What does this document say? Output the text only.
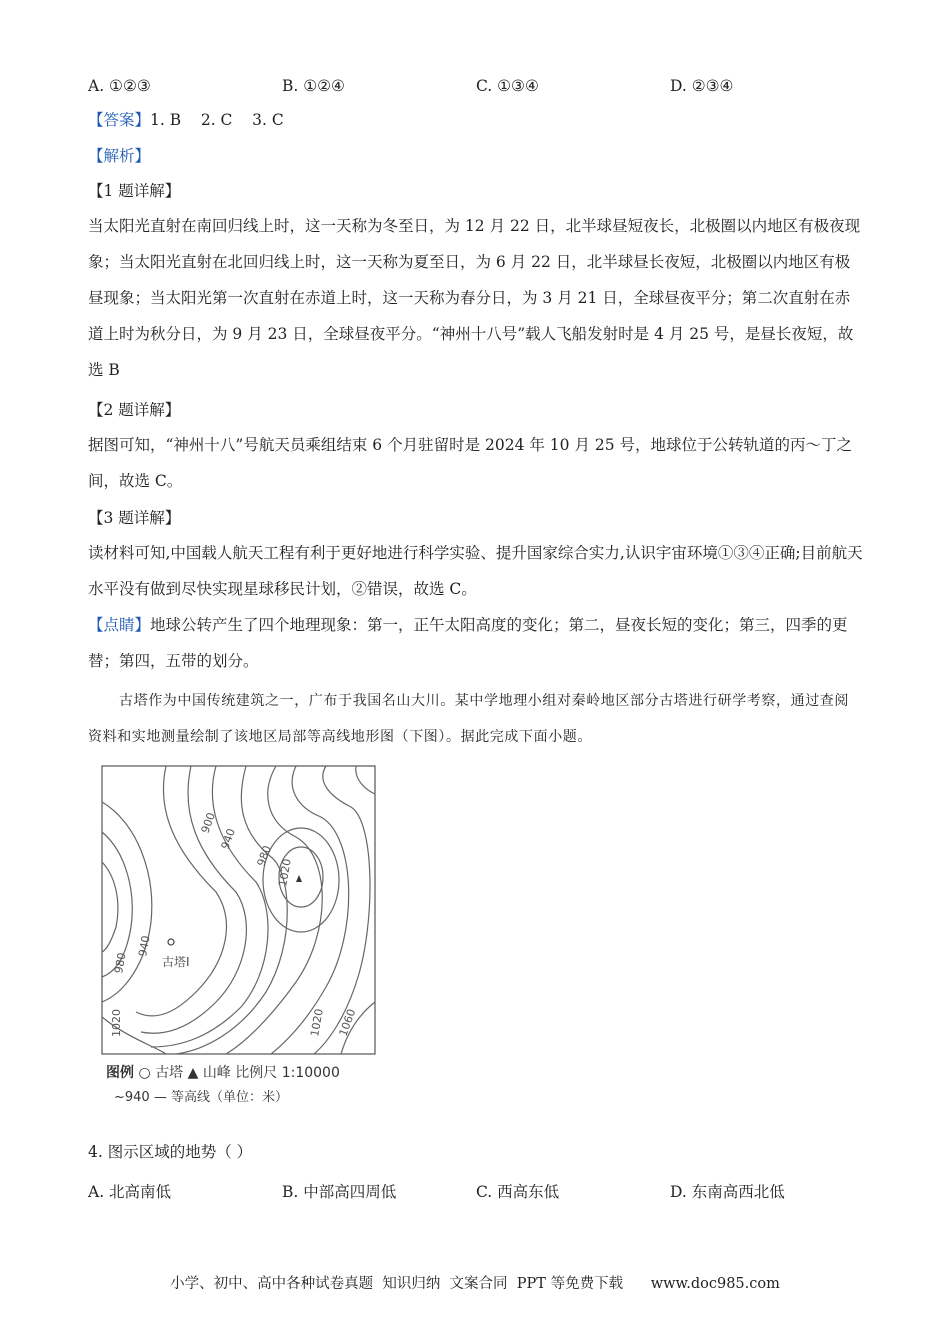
A. ①②③	B. ①②④	C. ①③④	D. ②③④
【答案】1. B    2. C    3. C
【解析】
【1 题详解】
当太阳光直射在南回归线上时，这一天称为冬至日，为 12 月 22 日，北半球昼短夜长，北极圈以内地区有极夜现象；当太阳光直射在北回归线上时，这一天称为夏至日，为 6 月 22 日，北半球昼长夜短，北极圈以内地区有极昼现象；当太阳光第一次直射在赤道上时，这一天称为春分日，为 3 月 21 日，全球昼夜平分；第二次直射在赤道上时为秋分日，为 9 月 23 日，全球昼夜平分。“神州十八号”载人飞船发射时是 4 月 25 号，是昼长夜短，故选 B
【2 题详解】
据图可知，“神州十八”号航天员乘组结束 6 个月驻留时是 2024 年 10 月 25 号，地球位于公转轨道的丙～丁之间，故选 C。
【3 题详解】
读材料可知,中国载人航天工程有利于更好地进行科学实验、提升国家综合实力,认识宇宙环境①③④正确;目前航天水平没有做到尽快实现星球移民计划，②错误，故选 C。
【点睛】地球公转产生了四个地理现象：第一，正午太阳高度的变化；第二，昼夜长短的变化；第三，四季的更替；第四，五带的划分。
古塔作为中国传统建筑之一，广布于我国名山大川。某中学地理小组对秦岭地区部分古塔进行研学考察，通过查阅资料和实地测量绘制了该地区局部等高线地形图（下图）。据此完成下面小题。
900
940
980
1020
980
940
1020	1020 1060
古塔Ⅰ
图例 ○ 古塔 ▲ 山峰 比例尺 1:10000
~940 — 等高线（单位：米）
4. 图示区域的地势（ ）
A. 北高南低	B. 中部高四周低	C. 西高东低	D. 东南高西北低
小学、初中、高中各种试卷真题  知识归纳  文案合同  PPT 等免费下载      www.doc985.com
